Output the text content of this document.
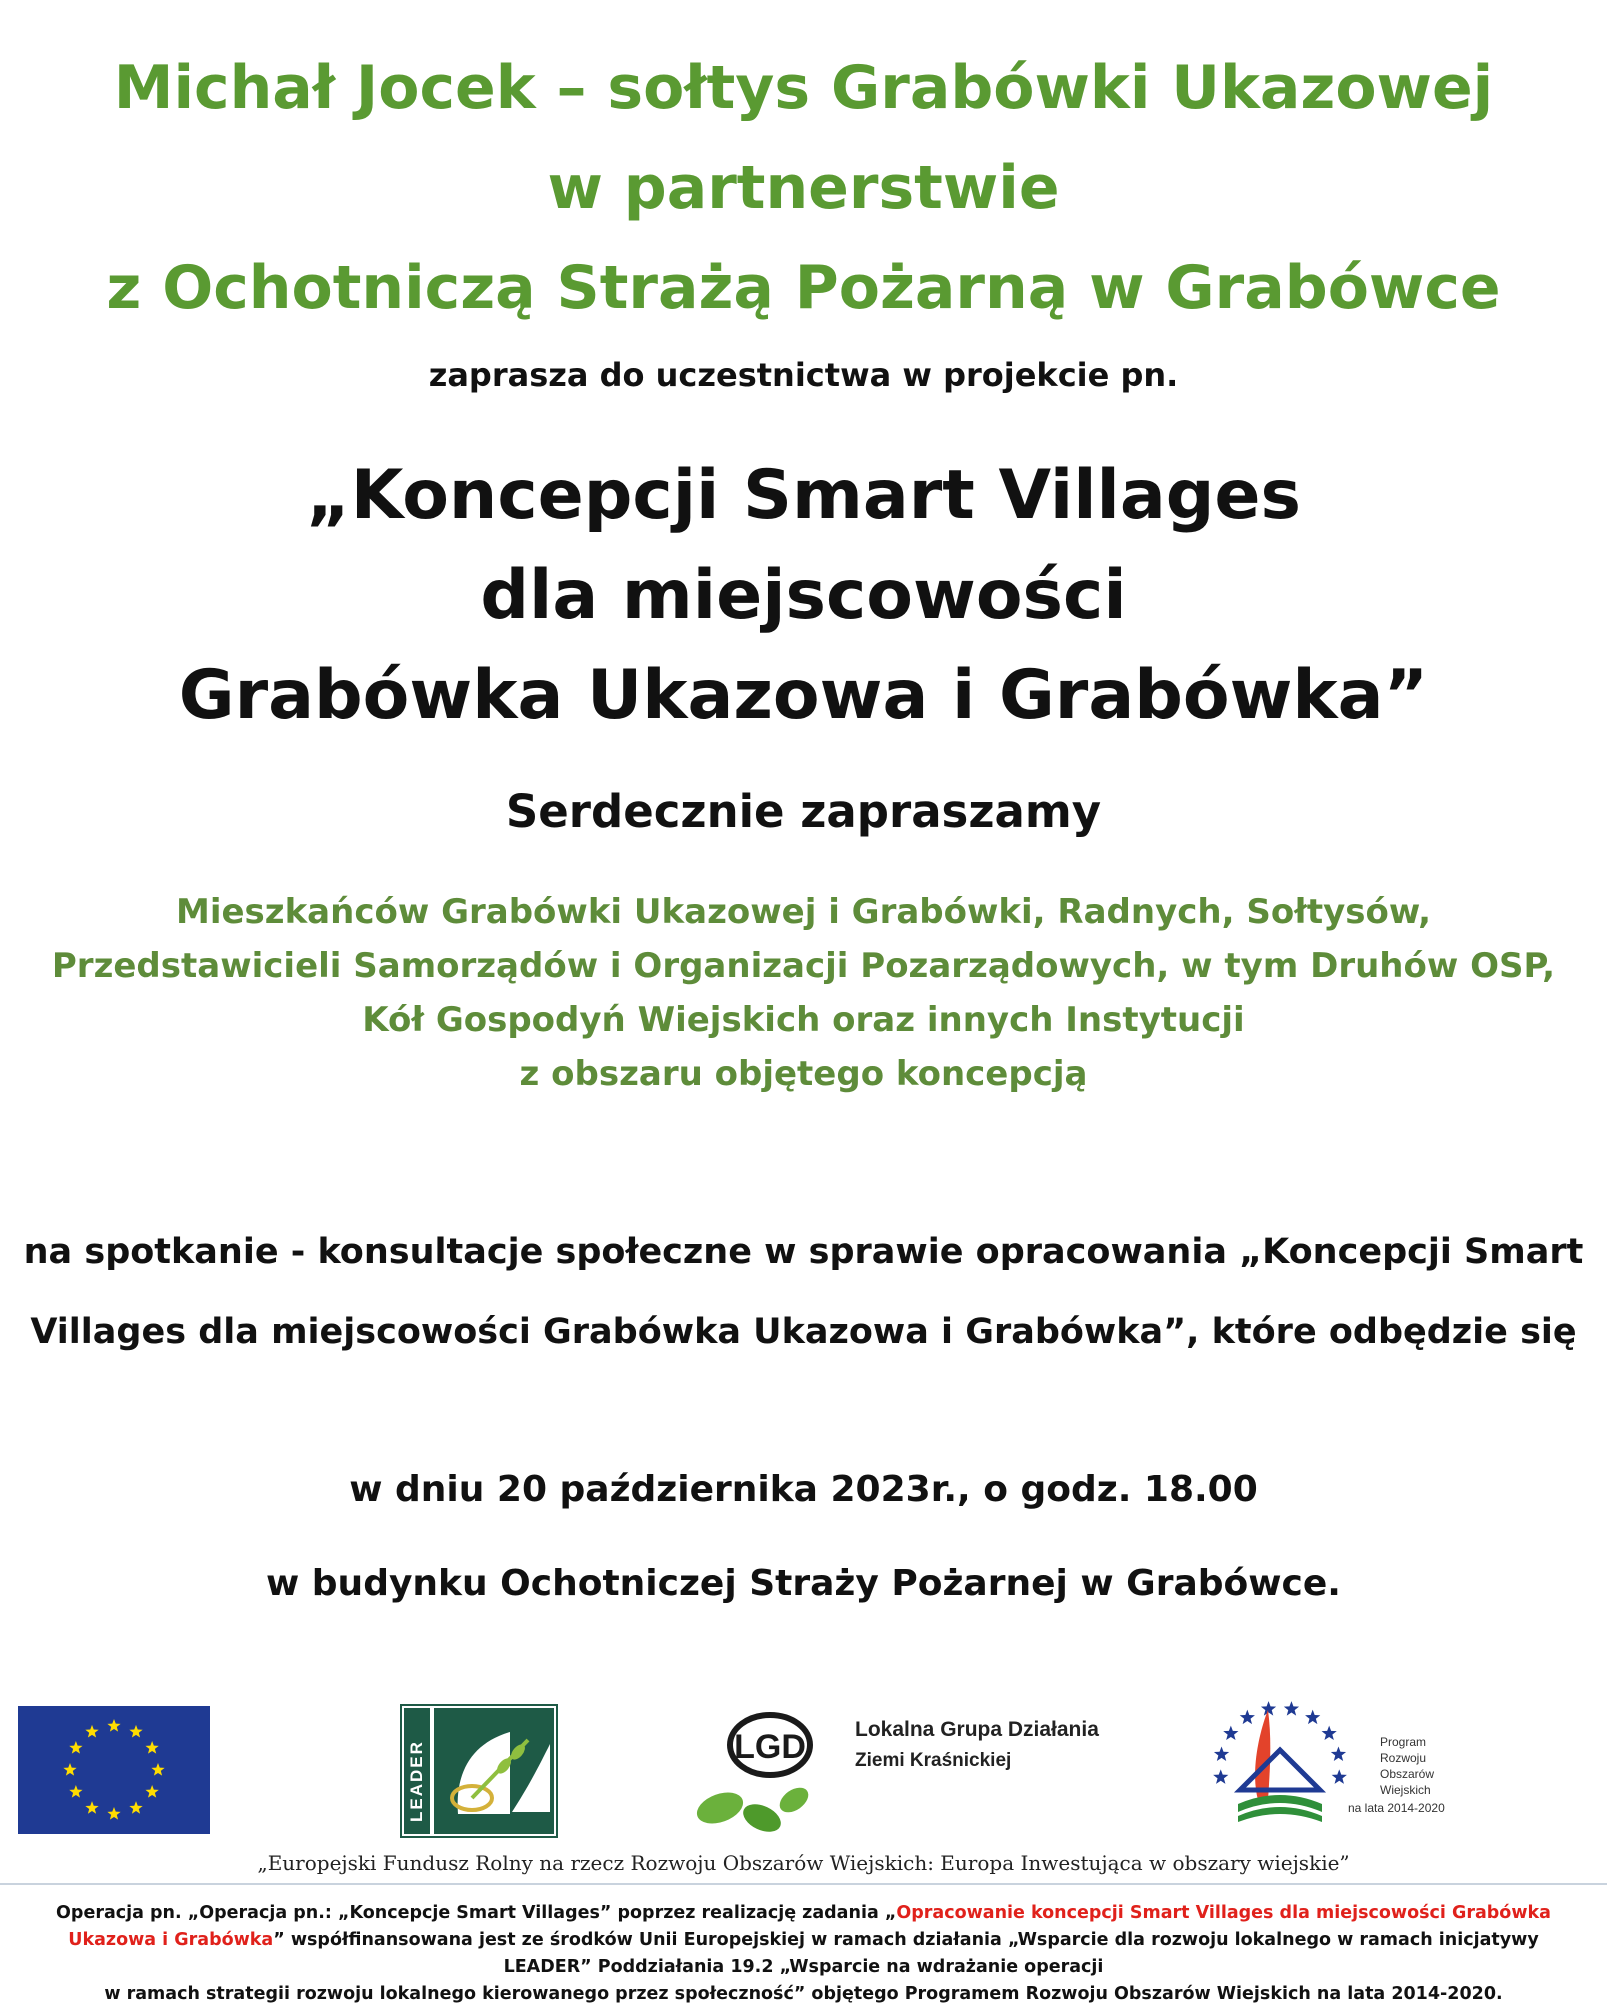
Michał Jocek – sołtys Grabówki Ukazowej
w partnerstwie
z Ochotniczą Strażą Pożarną w Grabówce
zaprasza do uczestnictwa w projekcie pn.
„Koncepcji Smart Villages
dla miejscowości
Grabówka Ukazowa i Grabówka”
Serdecznie zapraszamy
Mieszkańców Grabówki Ukazowej i Grabówki, Radnych, Sołtysów,
Przedstawicieli Samorządów i Organizacji Pozarządowych, w tym Druhów OSP,
Kół Gospodyń Wiejskich oraz innych Instytucji
z obszaru objętego koncepcją
na spotkanie - konsultacje społeczne w sprawie opracowania „Koncepcji Smart
Villages dla miejscowości Grabówka Ukazowa i Grabówka”, które odbędzie się
w dniu 20 października 2023r., o godz. 18.00
w budynku Ochotniczej Straży Pożarnej w Grabówce.
LEADER	LGD Lokalna Grupa Działania
Ziemi Kraśnickiej
Program
Rozwoju
Obszarów
Wiejskich
na lata 2014-2020
„Europejski Fundusz Rolny na rzecz Rozwoju Obszarów Wiejskich: Europa Inwestująca w obszary wiejskie”
Operacja pn. „Operacja pn.: „Koncepcje Smart Villages” poprzez realizację zadania „Opracowanie koncepcji Smart Villages dla miejscowości Grabówka
Ukazowa i Grabówka” współfinansowana jest ze środków Unii Europejskiej w ramach działania „Wsparcie dla rozwoju lokalnego w ramach inicjatywy
LEADER” Poddziałania 19.2 „Wsparcie na wdrażanie operacji
w ramach strategii rozwoju lokalnego kierowanego przez społeczność” objętego Programem Rozwoju Obszarów Wiejskich na lata 2014-2020.
